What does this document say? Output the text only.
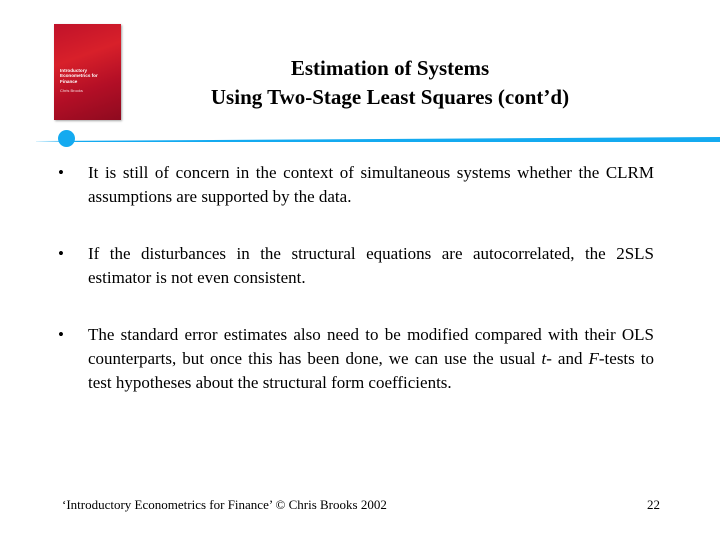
Introductory Econometrics for Finance
Chris Brooks
Estimation of Systems
Using Two-Stage Least Squares (cont’d)
• It is still of concern in the context of simultaneous systems whether the CLRM assumptions are supported by the data.
• If the disturbances in the structural equations are autocorrelated, the 2SLS estimator is not even consistent.
• The standard error estimates also need to be modified compared with their OLS counterparts, but once this has been done, we can use the usual t- and F-tests to test hypotheses about the structural form coefficients.
‘Introductory Econometrics for Finance’ © Chris Brooks 2002	22
